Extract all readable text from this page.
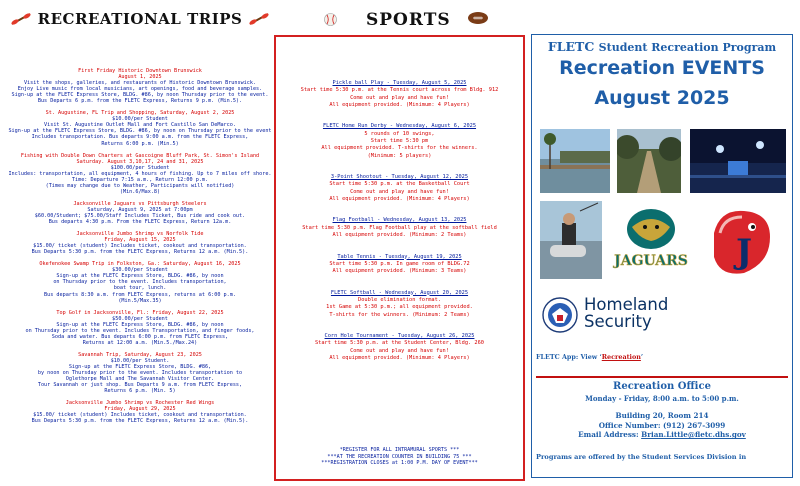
RECREATIONAL TRIPS
First Friday Historic Downtown Brunswick
August 1, 2025
Visit the shops, galleries, and restaurants of Historic Downtown Brunswick.
Enjoy Live music from local musicians, art openings, food and beverage samples.
Sign-up at the FLETC Express Store, BLDG. #86, by noon Thursday prior to the event.
Bus Departs 6 p.m. from the FLETC Express, Returns 9 p.m. (Min.5).
St. Augustine, FL Trip and Shopping, Saturday, August 2, 2025
$10.00/per Student
Visit St. Augustine Outlet Mall and Fort Castillo San DeMarco.
Sign-up at the FLETC Express Store, BLDG. #86, by noon on Thursday prior to the event
Includes transportation. Bus departs 9:00 a.m. from the FLETC Express,
Returns 6:00 p.m. (Min.5)
Fishing with Double Down Charters at Gascoigne Bluff Park, St. Simon's Island
Saturday. August 3,10,17, 24 and 31, 2025
$100.00/per Student
Includes: transportation, all equipment, 4 hours of fishing. Up to 7 miles off shore.
Time: Departure 7:15 a.m., Return 12:00 p.m.
(Times may change due to Weather, Participants will notified)
(Min.6/Max.8)
Jacksonville Jaguars vs Pittsburgh Steelers
Saturday, August 9, 2025 at 7:00pm
$60.00/Student; $75.00/Staff Includes Ticket, Bus ride and cook out.
Bus departs 4:30 p.m. From the FLETC Express, Return 12a.m.
Jacksonville Jumbo Shrimp vs Norfolk Tide
Friday, August 15, 2025
$15.00/ ticket (student) Includes ticket, cookout and transportation.
Bus Departs 5:30 p.m. from the FLETC Express, Returns 12 a.m. (Min.5).
Okefenokee Swamp Trip in Folkston, Ga.: Saturday, August 16, 2025
$30.00/per Student
Sign-up at the FLETC Express Store, BLDG. #86, by noon
on Thursday prior to the event. Includes transportation,
boat tour, lunch.
Bus departs 8:30 a.m. from FLETC Express, returns at 6:00 p.m.
(Min.5/Max.35)
Top Golf in Jacksonville, Fl.: Friday, August 22, 2025
$50.00/per Student
Sign-up at the FLETC Express Store, BLDG. #86, by noon
on Thursday prior to the event. Includes Transportation, and finger foods,
Soda and water. Bus departs 6:00 p.m. from FLETC Express,
Returns at 12:00 a.m. (Min.5./Max.24)
Savannah Trip, Saturday, August 23, 2025
$10.00/per Student.
Sign-up at the FLETC Express Store, BLDG. #86,
by noon on Thursday prior to the event. Includes transportation to
Oglethorpe Mall and The Savannah Visitor Center.
Tour Savannah or just shop. Bus Departs 9 a.m. from FLETC Express,
Returns 6 p.m. (Min. 5)
Jacksonville Jumbo Shrimp vs Rochester Red Wings
Friday, August 29, 2025
$15.00/ ticket (student) Includes ticket, cookout and transportation.
Bus Departs 5:30 p.m. from the FLETC Express, Returns 12 a.m. (Min.5).
SPORTS
Pickle ball Play - Tuesday, August 5, 2025
Start time 5:30 p.m. at the Tennis court across from Bldg. 912
Come out and play and have fun!
All equipment provided. (Minimum: 4 Players)
FLETC Home Run Derby - Wednesday, August 6, 2025
5 rounds of 10 swings,
Start time 5:30 pm
All equipment provided. T-shirts for the winners.
(Minimum: 5 players)
3-Point Shootout - Tuesday, August 12, 2025
Start time 5:30 p.m. at the Basketball Court
Come out and play and have fun!
All equipment provided. (Minimum: 4 Players)
Flag Football - Wednesday, August 13, 2025
Start time 5:30 p.m. Flag Football play at the softball field
All equipment provided. (Minimum: 2 Teams)
Table Tennis - Tuesday, August 19, 2025
Start time 5:30 p.m. In game room of BLDG.72
All equipment provided. (Minimum: 3 Teams)
FLETC Softball - Wednesday, August 20, 2025
Double elimination format.
1st Game at 5:30 p.m.; all equipment provided.
T-shirts for the winners. (Minimum: 2 Teams)
Corn Hole Tournament - Tuesday, August 26, 2025
Start time 5:30 p.m. at the Student Center, Bldg. 260
Come out and play and have fun!
All equipment provided. (Minimum: 4 Players)
*REGISTER FOR ALL INTRAMURAL SPORTS ***
***AT THE RECREATION COUNTER IN BUILDING 75 ***
***REGISTRATION CLOSES at 1:00 P.M. DAY OF EVENT***
FLETC Student Recreation Program
Recreation EVENTS
August 2025
JAGUARS J
Homeland
Security
FLETC App: View ‘Recreation’
Recreation Office
Monday - Friday, 8:00 a.m. to 5:00 p.m.
Building 20, Room 214
Office Number: (912) 267-3099
Email Address: Brian.Little@fletc.dhs.gov
Programs are offered by the Student Services Division in
